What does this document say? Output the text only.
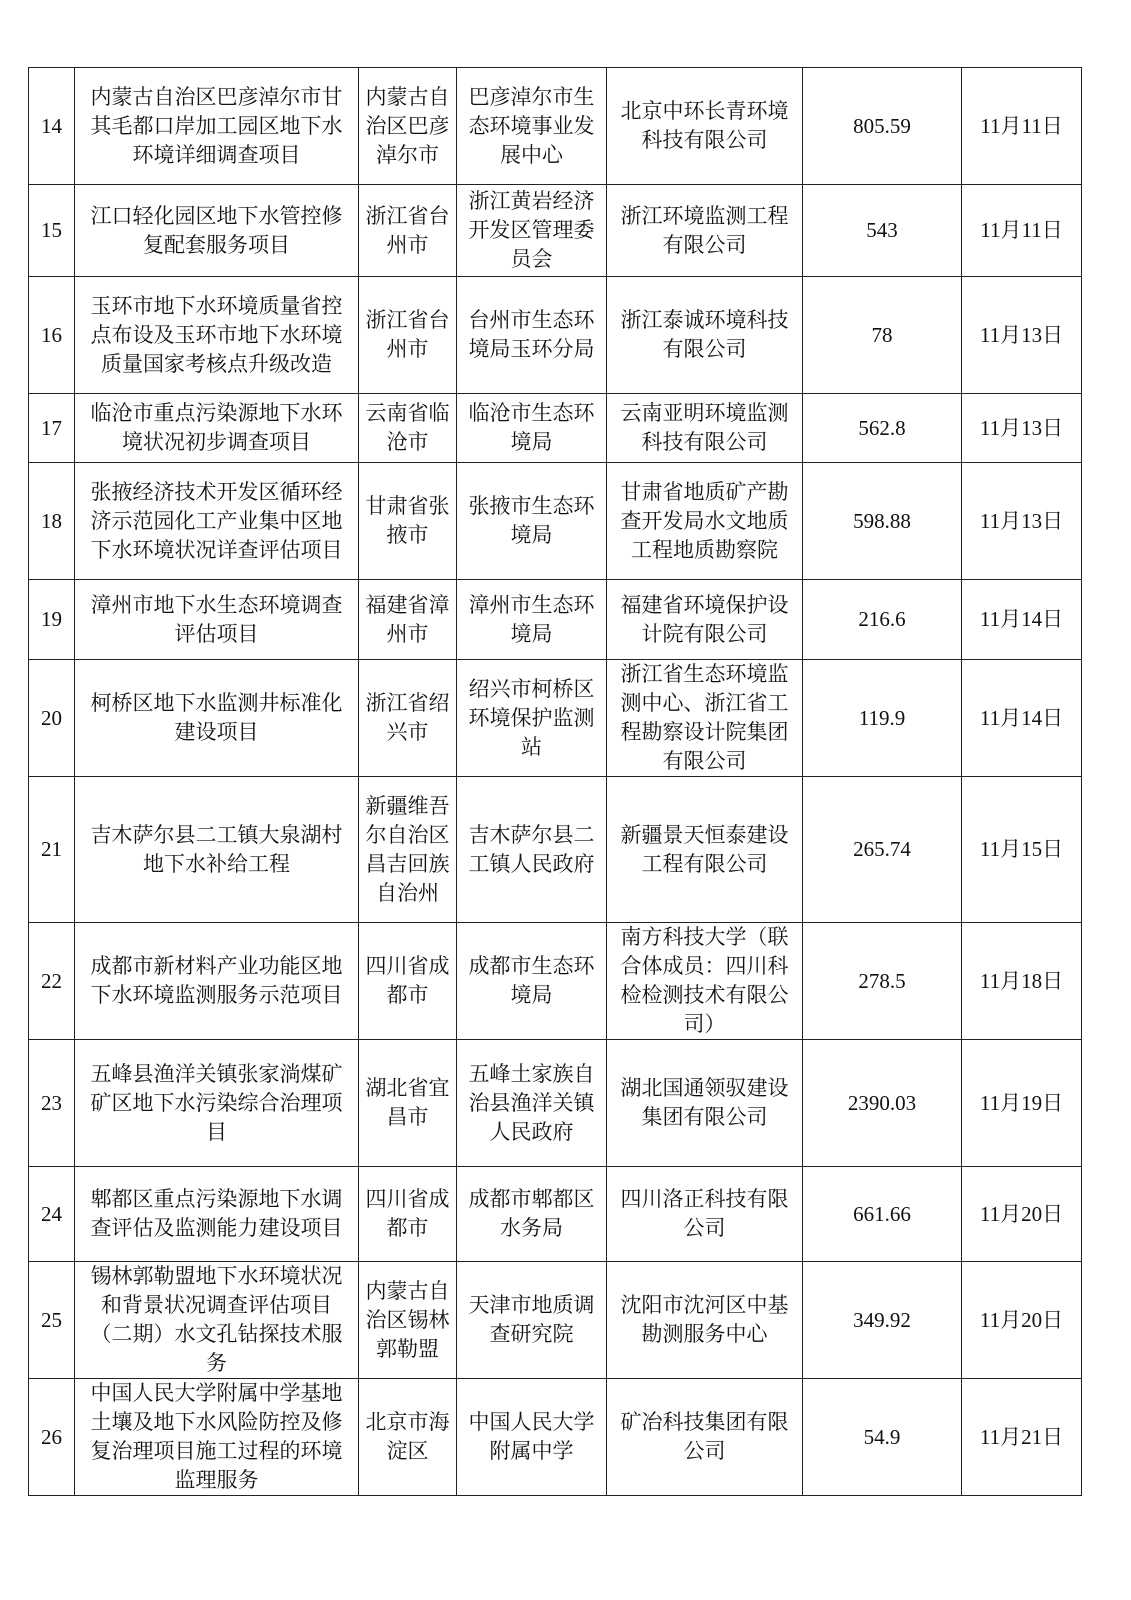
14	内蒙古自治区巴彦淖尔市甘其毛都口岸加工园区地下水环境详细调查项目	内蒙古自治区巴彦淖尔市	巴彦淖尔市生态环境事业发展中心	北京中环长青环境科技有限公司	805.59	11月11日
15	江口轻化园区地下水管控修复配套服务项目	浙江省台州市	浙江黄岩经济开发区管理委员会	浙江环境监测工程有限公司	543	11月11日
16	玉环市地下水环境质量省控点布设及玉环市地下水环境质量国家考核点升级改造	浙江省台州市	台州市生态环境局玉环分局	浙江泰诚环境科技有限公司	78	11月13日
17	临沧市重点污染源地下水环境状况初步调查项目	云南省临沧市	临沧市生态环境局	云南亚明环境监测科技有限公司	562.8	11月13日
18	张掖经济技术开发区循环经济示范园化工产业集中区地下水环境状况详查评估项目	甘肃省张掖市	张掖市生态环境局	甘肃省地质矿产勘查开发局水文地质工程地质勘察院	598.88	11月13日
19	漳州市地下水生态环境调查评估项目	福建省漳州市	漳州市生态环境局	福建省环境保护设计院有限公司	216.6	11月14日
20	柯桥区地下水监测井标准化建设项目	浙江省绍兴市	绍兴市柯桥区环境保护监测站	浙江省生态环境监测中心、浙江省工程勘察设计院集团有限公司	119.9	11月14日
21	吉木萨尔县二工镇大泉湖村地下水补给工程	新疆维吾尔自治区昌吉回族自治州	吉木萨尔县二工镇人民政府	新疆景天恒泰建设工程有限公司	265.74	11月15日
22	成都市新材料产业功能区地下水环境监测服务示范项目	四川省成都市	成都市生态环境局	南方科技大学（联合体成员：四川科检检测技术有限公司）	278.5	11月18日
23	五峰县渔洋关镇张家淌煤矿矿区地下水污染综合治理项目	湖北省宜昌市	五峰土家族自治县渔洋关镇人民政府	湖北国通领驭建设集团有限公司	2390.03	11月19日
24	郫都区重点污染源地下水调查评估及监测能力建设项目	四川省成都市	成都市郫都区水务局	四川洛正科技有限公司	661.66	11月20日
25	锡林郭勒盟地下水环境状况和背景状况调查评估项目（二期）水文孔钻探技术服务	内蒙古自治区锡林郭勒盟	天津市地质调查研究院	沈阳市沈河区中基勘测服务中心	349.92	11月20日
26	中国人民大学附属中学基地土壤及地下水风险防控及修复治理项目施工过程的环境监理服务	北京市海淀区	中国人民大学附属中学	矿冶科技集团有限公司	54.9	11月21日
